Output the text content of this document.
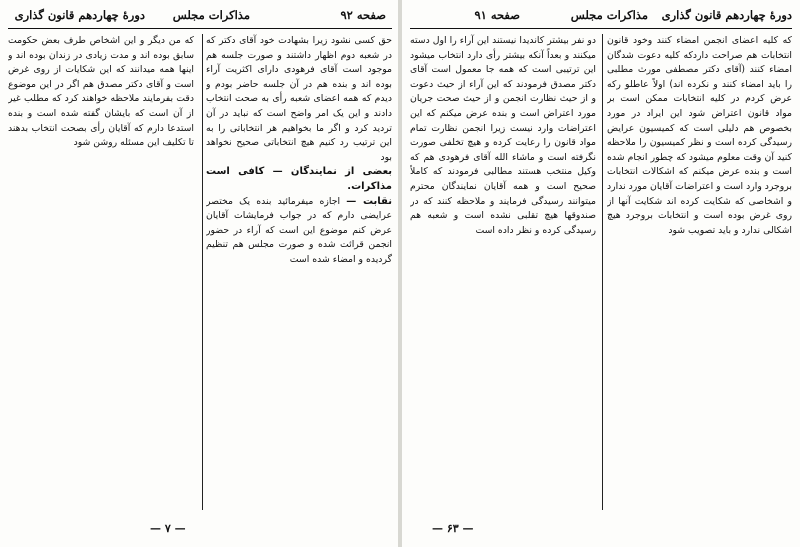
دورهٔ چهاردهم قانون گذاری
مذاکرات مجلس
صفحه ۹۱

که کلیه اعضای انجمن امضاء کنند وخود قانون انتخابات هم صراحت داردکه کلیه دعوت شدگان امضاء کنند (آقای دکتر مصطفی مورث مطلبی را باید امضاء کنند و نکرده اند) اولاً عاطلو رکه عرض کردم در کلیه انتخابات ممکن است بر مواد قانون اعتراض شود این ایراد در مورد بخصوص هم دلیلی است که کمیسیون عرایض رسیدگی کرده است و نظر کمیسیون را ملاحظه کنید آن وقت معلوم میشود که چطور انجام شده است و بنده عرض میکنم که اشکالات انتخابات بروجرد وارد است و اعتراضات آقایان مورد ندارد و اشخاصی که شکایت کرده اند شکایت آنها از روی غرض بوده است و انتخابات بروجرد هیچ اشکالی ندارد و باید تصویب شود

دو نفر بیشتر کاندیدا نیستند این آراء را اول دسته میکنند و بعداً آنکه بیشتر رأی دارد انتخاب میشود این ترتیبی است که همه جا معمول است آقای دکتر مصدق فرمودند که این آراء از حیث دعوت و از حیث نظارت انجمن و از حیث صحت جریان مورد اعتراض است و بنده عرض میکنم که این اعتراضات وارد نیست زیرا انجمن نظارت تمام مواد قانون را رعایت کرده و هیچ تخلفی صورت نگرفته است و ماشاء الله آقای فرهودی هم که وکیل منتخب هستند مطالبی فرمودند که کاملاً صحیح است و همه آقایان نمایندگان محترم میتوانند رسیدگی فرمایند و ملاحظه کنند که در صندوقها هیچ تقلبی نشده است و شعبه هم رسیدگی کرده و نظر داده است

— ۶۳ —
صفحه ۹۲
مذاکرات مجلس
دورهٔ چهاردهم قانون گذاری

حق کسی نشود زیرا بشهادت خود آقای دکتر که در شعبه دوم اظهار داشتند و صورت جلسه هم موجود است آقای فرهودی دارای اکثریت آراء بوده اند و بنده هم در آن جلسه حاضر بودم و دیدم که همه اعضای شعبه رأی به صحت انتخاب دادند و این یک امر واضح است که نباید در آن تردید کرد و اگر ما بخواهیم هر انتخاباتی را به این ترتیب رد کنیم هیچ انتخاباتی صحیح نخواهد بود

بعضی از نمایندگان — کافی است مذاکرات.

نقابت — اجازه میفرمائید بنده یک مختصر عرایضی دارم که در جواب فرمایشات آقایان عرض کنم موضوع این است که آراء در حضور انجمن قرائت شده و صورت مجلس هم تنظیم گردیده و امضاء شده است

که من دیگر و این اشخاص طرف بعض حکومت سابق بوده اند و مدت زیادی در زندان بوده اند و اینها همه میدانند که این شکایات از روی غرض است و آقای دکتر مصدق هم اگر در این موضوع دقت بفرمایند ملاحظه خواهند کرد که مطلب غیر از آن است که بایشان گفته شده است و بنده استدعا دارم که آقایان رأی بصحت انتخاب بدهند تا تکلیف این مسئله روشن شود

— ۷ —
